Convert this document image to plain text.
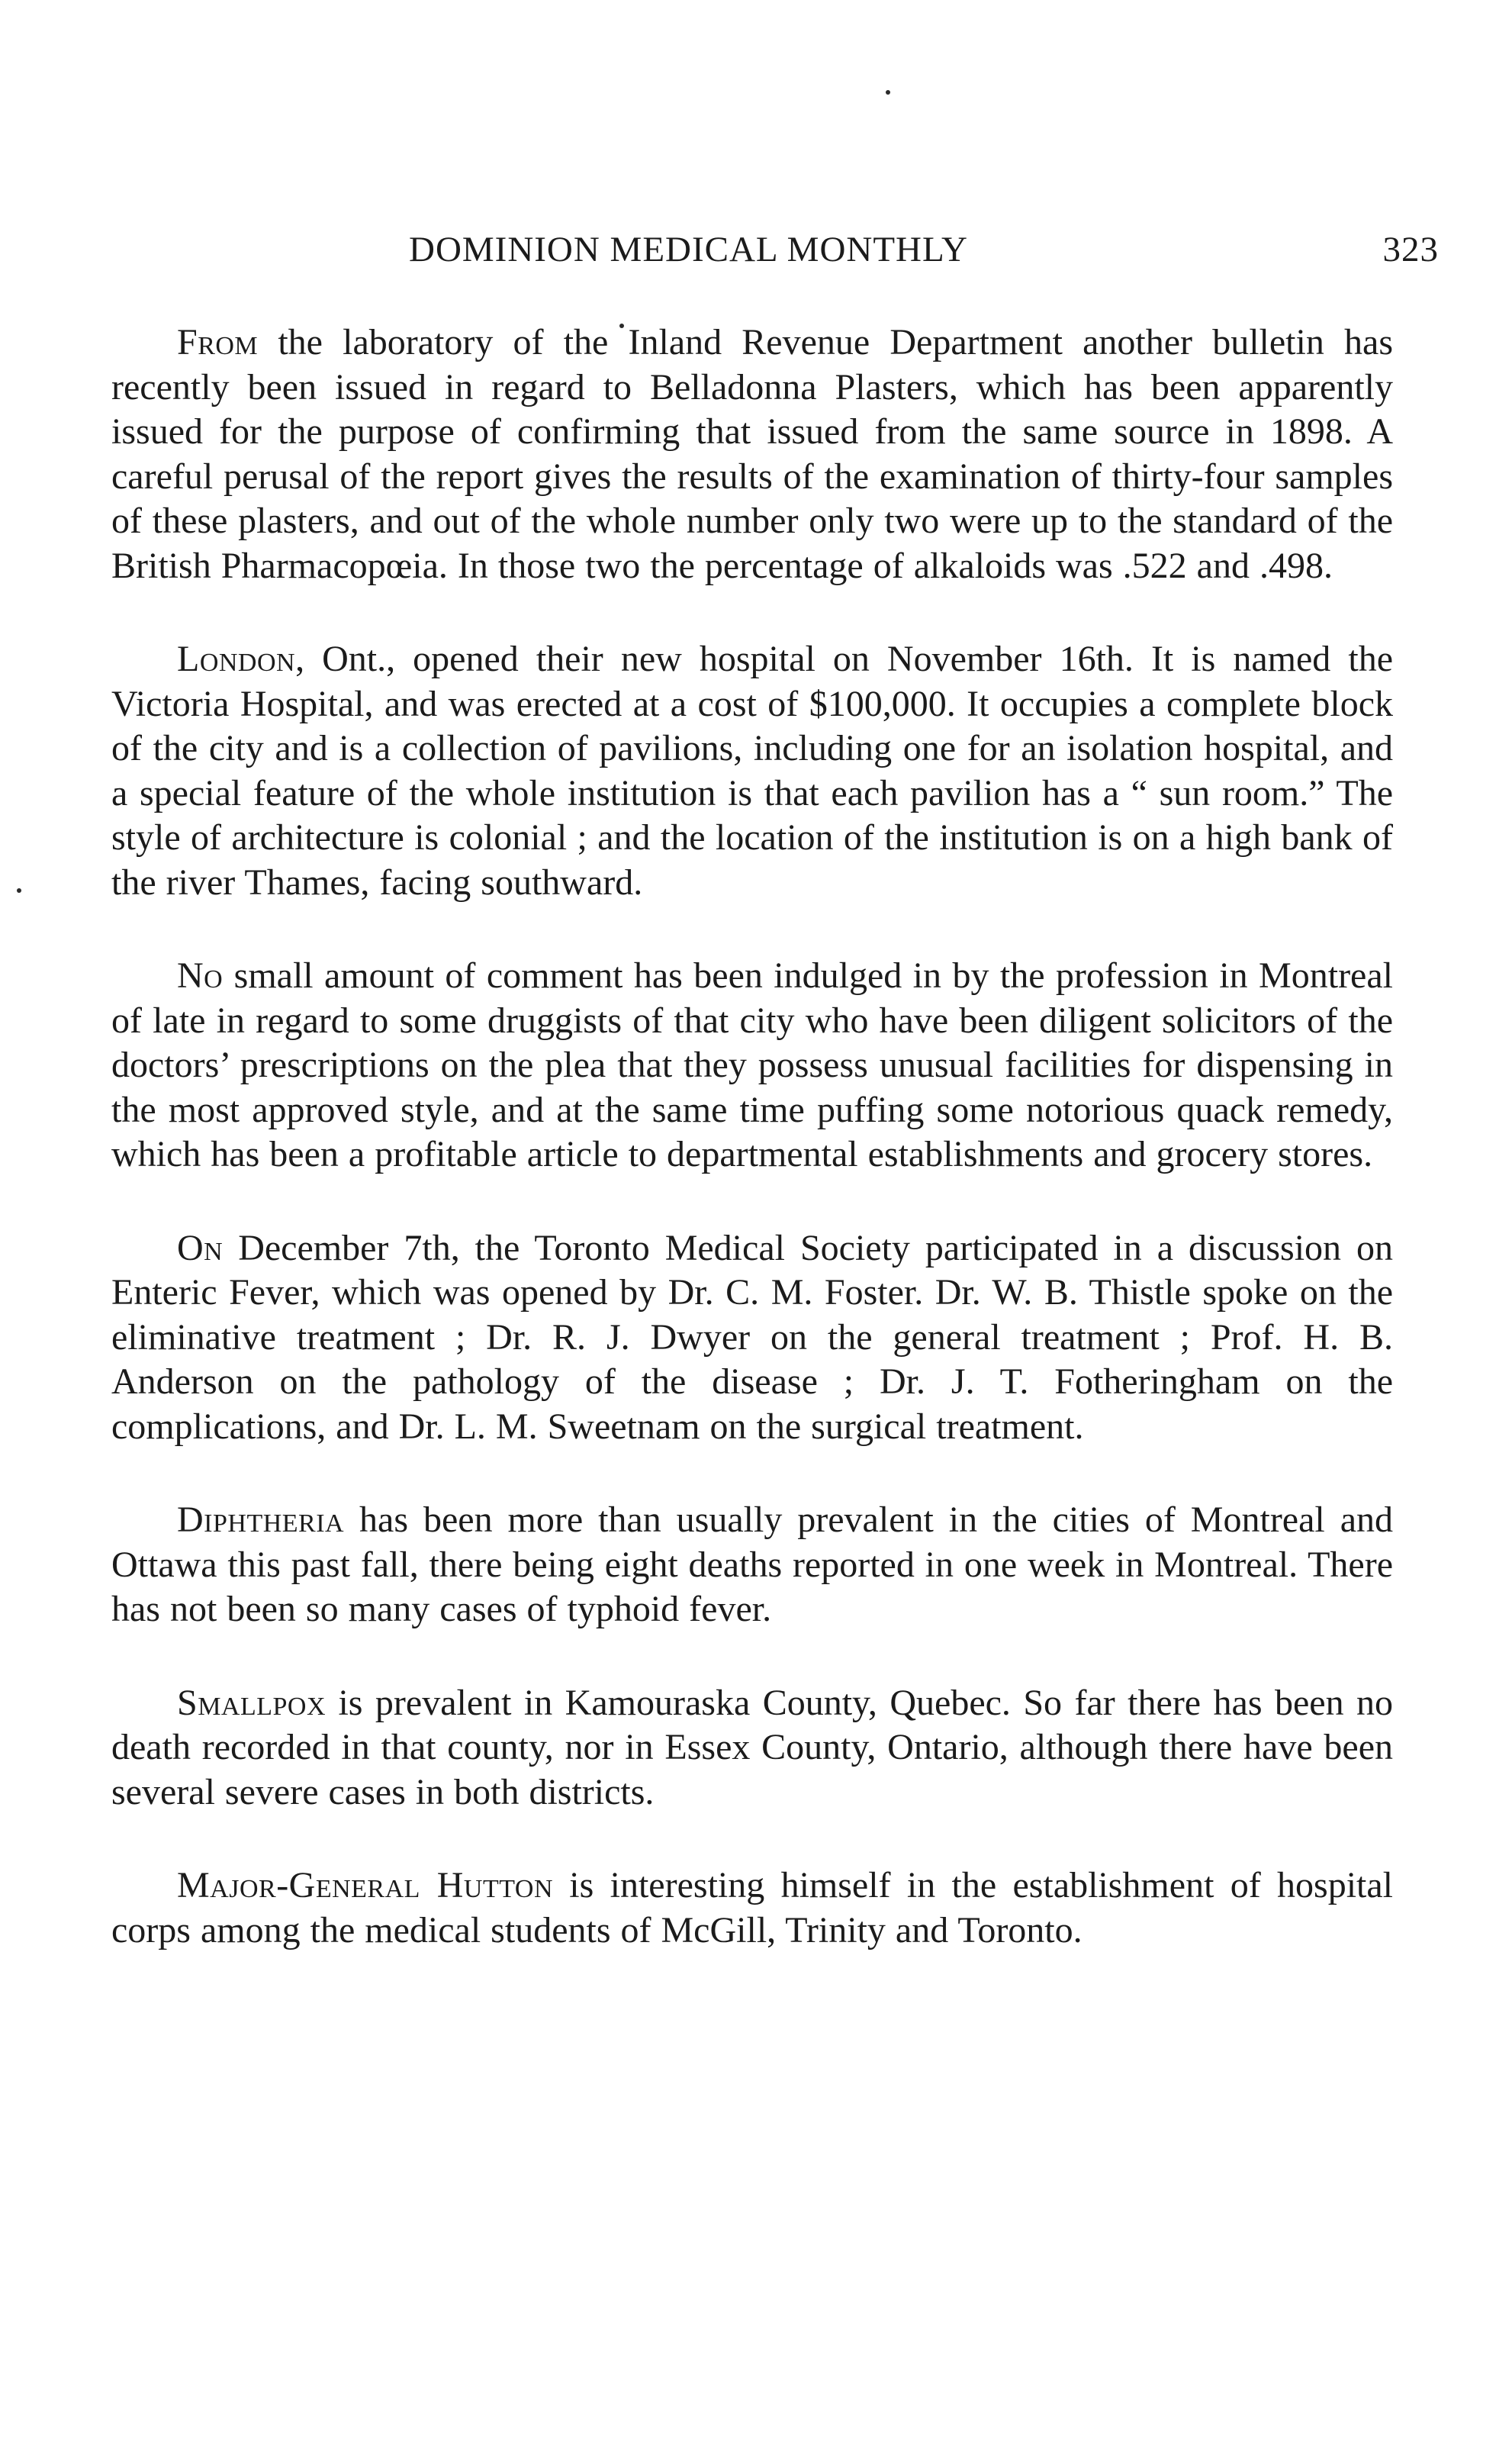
DOMINION MEDICAL MONTHLY	323

From the laboratory of the Inland Revenue Department another bulletin has recently been issued in regard to Belladonna Plasters, which has been apparently issued for the purpose of confirming that issued from the same source in 1898. A careful perusal of the report gives the results of the examination of thirty-four samples of these plasters, and out of the whole number only two were up to the standard of the British Pharmacopœia. In those two the percentage of alkaloids was .522 and .498.

London, Ont., opened their new hospital on November 16th. It is named the Victoria Hospital, and was erected at a cost of $100,000. It occupies a complete block of the city and is a collection of pavilions, including one for an isolation hospital, and a special feature of the whole institution is that each pavilion has a “ sun room.” The style of architecture is colonial ; and the location of the institution is on a high bank of the river Thames, facing southward.

No small amount of comment has been indulged in by the profession in Montreal of late in regard to some druggists of that city who have been diligent solicitors of the doctors’ prescriptions on the plea that they possess unusual facilities for dispensing in the most approved style, and at the same time puffing some notorious quack remedy, which has been a profitable article to departmental establishments and grocery stores.

On December 7th, the Toronto Medical Society participated in a discussion on Enteric Fever, which was opened by Dr. C. M. Foster. Dr. W. B. Thistle spoke on the eliminative treatment ; Dr. R. J. Dwyer on the general treatment ; Prof. H. B. Anderson on the pathology of the disease ; Dr. J. T. Fotheringham on the complications, and Dr. L. M. Sweetnam on the surgical treatment.

Diphtheria has been more than usually prevalent in the cities of Montreal and Ottawa this past fall, there being eight deaths reported in one week in Montreal. There has not been so many cases of typhoid fever.

Smallpox is prevalent in Kamouraska County, Quebec. So far there has been no death recorded in that county, nor in Essex County, Ontario, although there have been several severe cases in both districts.

Major-General Hutton is interesting himself in the establishment of hospital corps among the medical students of McGill, Trinity and Toronto.
